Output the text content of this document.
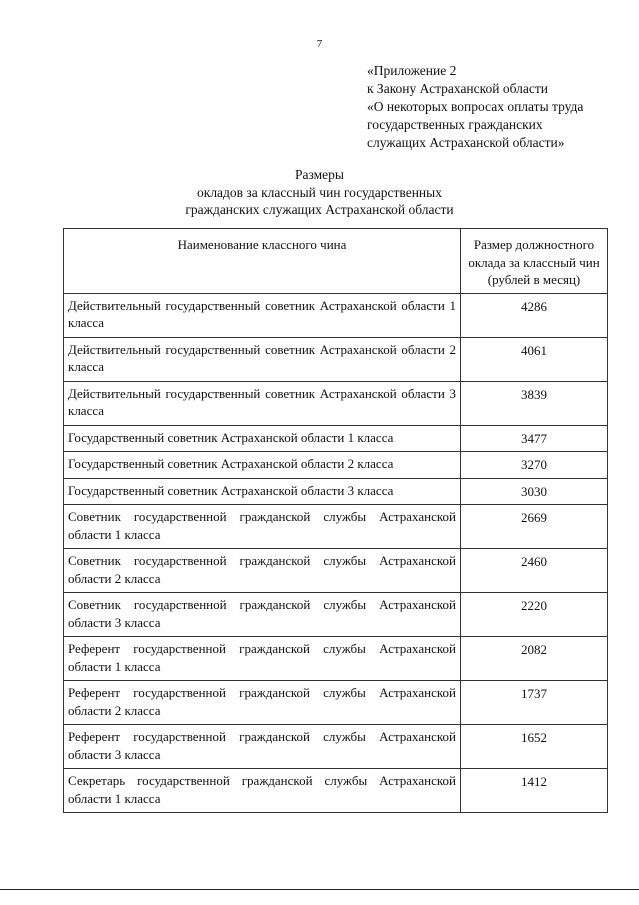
7
«Приложение 2
к Закону Астраханской области
«О некоторых вопросах оплаты труда
государственных гражданских
служащих Астраханской области»
Размеры
окладов за классный чин государственных
гражданских служащих Астраханской области
Наименование классного чина	Размер должностного оклада за классный чин (рублей в месяц)
Действительный государственный советник Астраханской области 1 класса	4286
Действительный государственный советник Астраханской области 2 класса	4061
Действительный государственный советник Астраханской области 3 класса	3839
Государственный советник Астраханской области 1 класса	3477
Государственный советник Астраханской области 2 класса	3270
Государственный советник Астраханской области 3 класса	3030
Советник государственной гражданской службы Астраханской области 1 класса	2669
Советник государственной гражданской службы Астраханской области 2 класса	2460
Советник государственной гражданской службы Астраханской области 3 класса	2220
Референт государственной гражданской службы Астраханской области 1 класса	2082
Референт государственной гражданской службы Астраханской области 2 класса	1737
Референт государственной гражданской службы Астраханской области 3 класса	1652
Секретарь государственной гражданской службы Астраханской области 1 класса	1412
